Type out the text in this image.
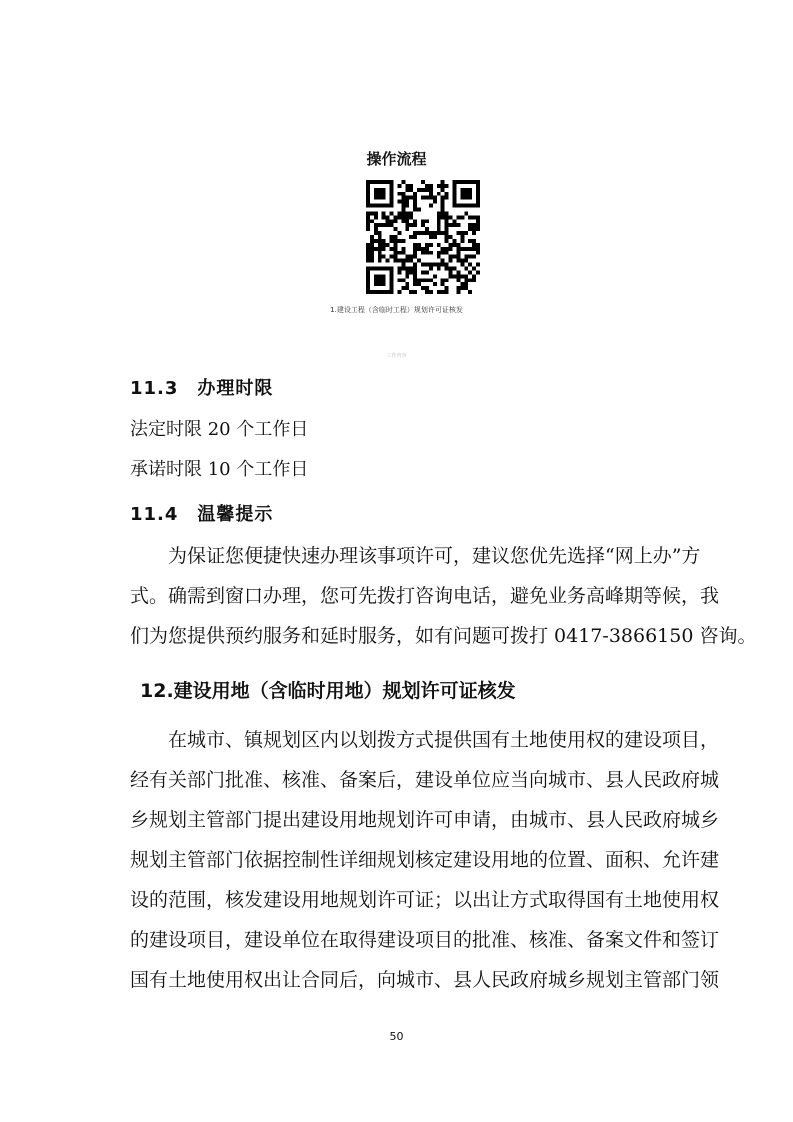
操作流程
1.建设工程（含临时工程）规划许可证核发
工作内容
11.3　办理时限
法定时限 20 个工作日
承诺时限 10 个工作日
11.4　温馨提示

　　为保证您便捷快速办理该事项许可，建议您优先选择“网上办”方

式。确需到窗口办理，您可先拨打咨询电话，避免业务高峰期等候，我

们为您提供预约服务和延时服务，如有问题可拨打 0417-3866150 咨询。

12.建设用地（含临时用地）规划许可证核发

　　在城市、镇规划区内以划拨方式提供国有土地使用权的建设项目，

经有关部门批准、核准、备案后，建设单位应当向城市、县人民政府城

乡规划主管部门提出建设用地规划许可申请，由城市、县人民政府城乡

规划主管部门依据控制性详细规划核定建设用地的位置、面积、允许建

设的范围，核发建设用地规划许可证；以出让方式取得国有土地使用权

的建设项目，建设单位在取得建设项目的批准、核准、备案文件和签订

国有土地使用权出让合同后，向城市、县人民政府城乡规划主管部门领

50
